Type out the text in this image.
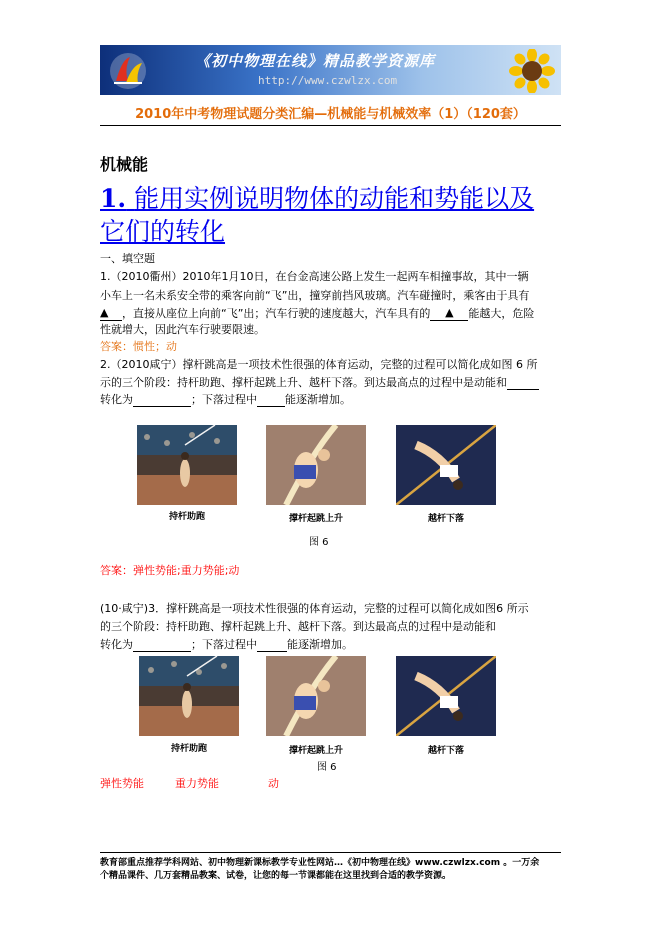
《初中物理在线》精品教学资源库
http://www.czwlzx.com
2010年中考物理试题分类汇编—机械能与机械效率（1）（120套）
机械能
1. 能用实例说明物体的动能和势能以及
它们的转化
一、填空题
1.（2010衢州）2010年1月10日，在台金高速公路上发生一起两车相撞事故，其中一辆
小车上一名未系安全带的乘客向前“飞”出，撞穿前挡风玻璃。汽车碰撞时，乘客由于具有
▲ ，直接从座位上向前“飞”出；汽车行驶的速度越大，汽车具有的 ▲ 能越大，危险
性就增大，因此汽车行驶要限速。
答案：惯性；动
2.（2010咸宁）撑杆跳高是一项技术性很强的体育运动，完整的过程可以简化成如图 6 所
示的三个阶段：持杆助跑、撑杆起跳上升、越杆下落。到达最高点的过程中是动能和
转化为	；下落过程中	能逐渐增加。
持杆助跑	撑杆起跳上升	越杆下落
图 6
答案：弹性势能;重力势能;动
(10·咸宁)3．撑杆跳高是一项技术性很强的体育运动，完整的过程可以简化成如图6 所示
的三个阶段：持杆助跑、撑杆起跳上升、越杆下落。到达最高点的过程中是动能和
转化为	；下落过程中	能逐渐增加。
持杆助跑	撑杆起跳上升	越杆下落
图 6
弹性势能	重力势能	动
教育部重点推荐学科网站、初中物理新课标教学专业性网站…《初中物理在线》www.czwlzx.com 。一万余
个精品课件、几万套精品教案、试卷，让您的每一节课都能在这里找到合适的教学资源。
